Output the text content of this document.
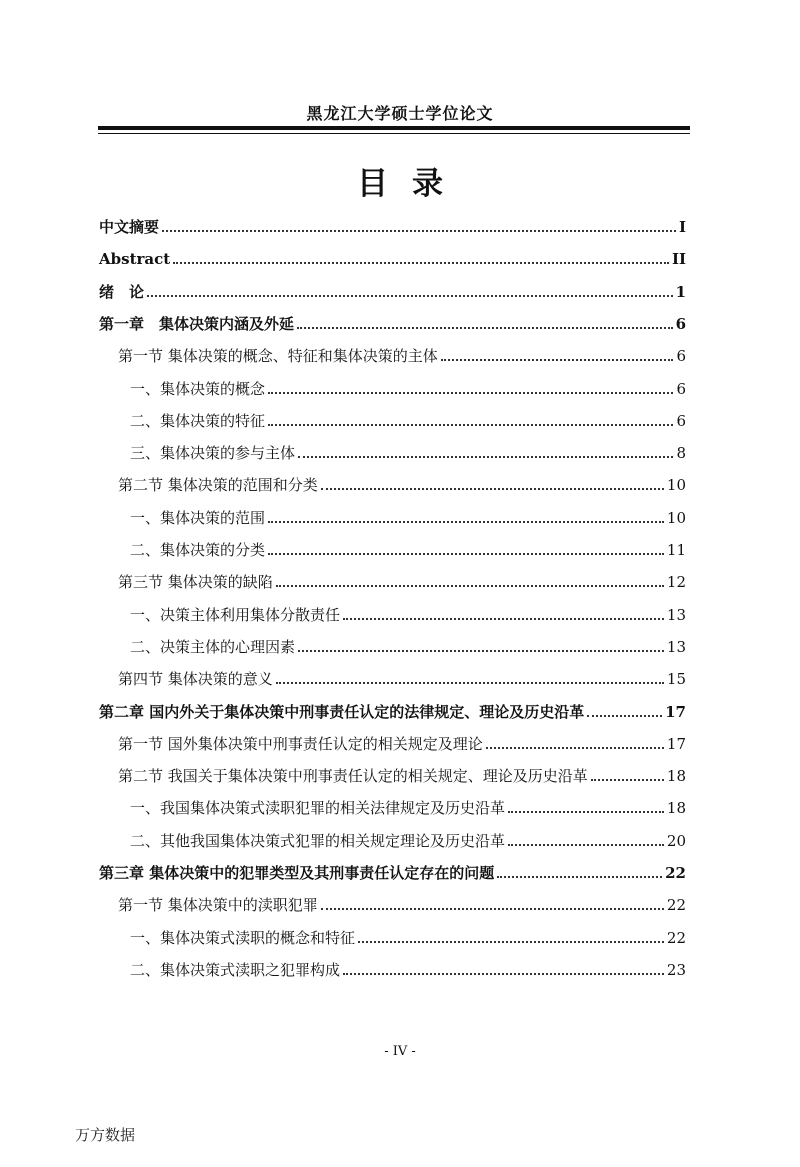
黑龙江大学硕士学位论文
目录
中文摘要	I
Abstract	II
绪　论	1
第一章　集体决策内涵及外延	6
第一节 集体决策的概念、特征和集体决策的主体	6
一、集体决策的概念	6
二、集体决策的特征	6
三、集体决策的参与主体	8
第二节 集体决策的范围和分类	10
一、集体决策的范围	10
二、集体决策的分类	11
第三节 集体决策的缺陷	12
一、决策主体利用集体分散责任	13
二、决策主体的心理因素	13
第四节 集体决策的意义	15
第二章 国内外关于集体决策中刑事责任认定的法律规定、理论及历史沿革	17
第一节 国外集体决策中刑事责任认定的相关规定及理论	17
第二节 我国关于集体决策中刑事责任认定的相关规定、理论及历史沿革	18
一、我国集体决策式渎职犯罪的相关法律规定及历史沿革	18
二、其他我国集体决策式犯罪的相关规定理论及历史沿革	20
第三章 集体决策中的犯罪类型及其刑事责任认定存在的问题	22
第一节 集体决策中的渎职犯罪	22
一、集体决策式渎职的概念和特征	22
二、集体决策式渎职之犯罪构成	23
- IV -
万方数据
